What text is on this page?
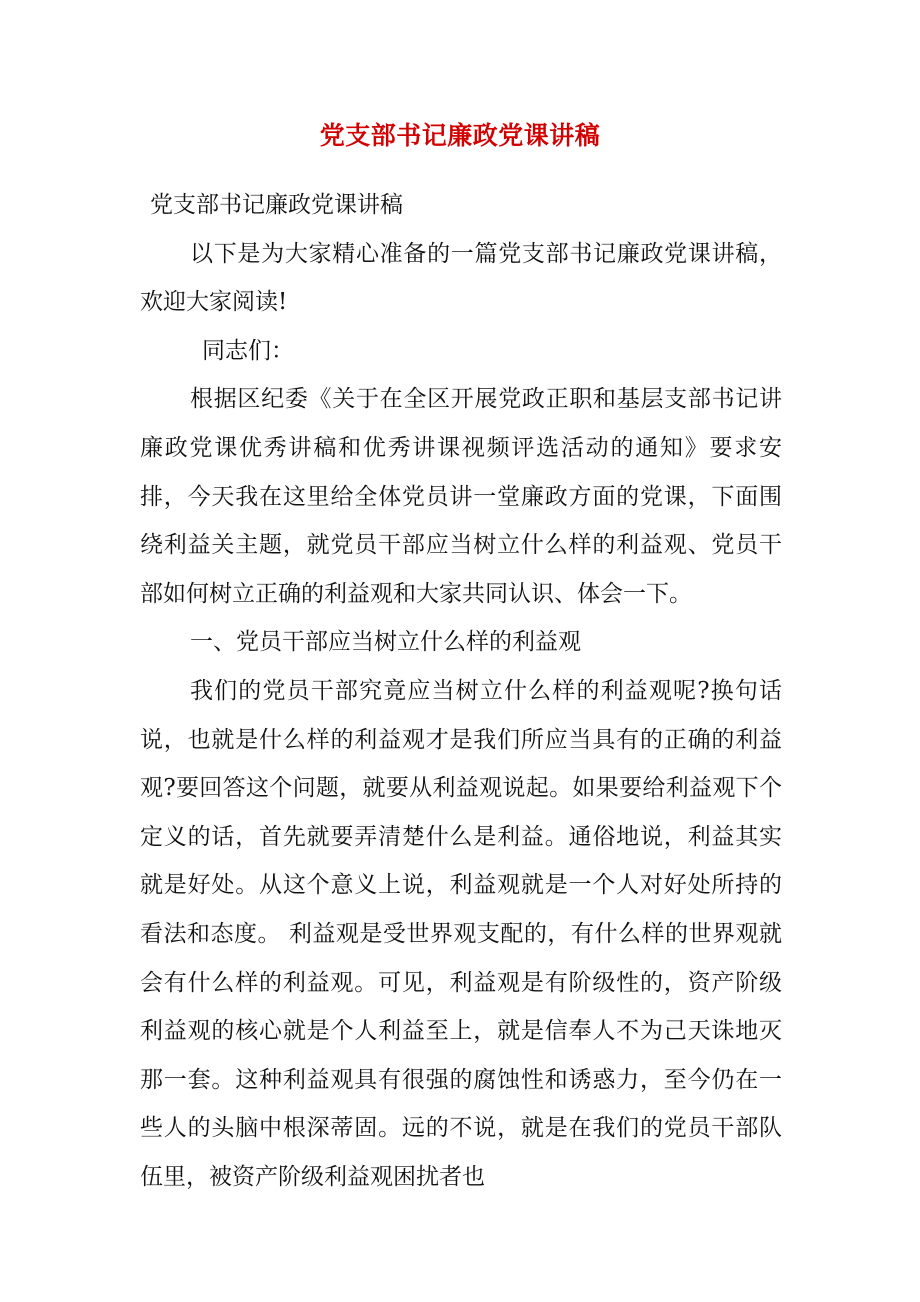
党支部书记廉政党课讲稿

党支部书记廉政党课讲稿

以下是为大家精心准备的一篇党支部书记廉政党课讲稿，欢迎大家阅读!

同志们：

根据区纪委《关于在全区开展党政正职和基层支部书记讲廉政党课优秀讲稿和优秀讲课视频评选活动的通知》要求安排，今天我在这里给全体党员讲一堂廉政方面的党课，下面围绕利益关主题，就党员干部应当树立什么样的利益观、党员干部如何树立正确的利益观和大家共同认识、体会一下。

一、党员干部应当树立什么样的利益观

我们的党员干部究竟应当树立什么样的利益观呢?换句话说，也就是什么样的利益观才是我们所应当具有的正确的利益观?要回答这个问题，就要从利益观说起。如果要给利益观下个定义的话，首先就要弄清楚什么是利益。通俗地说，利益其实就是好处。从这个意义上说，利益观就是一个人对好处所持的看法和态度。 利益观是受世界观支配的，有什么样的世界观就会有什么样的利益观。可见，利益观是有阶级性的，资产阶级利益观的核心就是个人利益至上，就是信奉人不为己天诛地灭那一套。这种利益观具有很强的腐蚀性和诱惑力，至今仍在一些人的头脑中根深蒂固。远的不说，就是在我们的党员干部队伍里，被资产阶级利益观困扰者也
